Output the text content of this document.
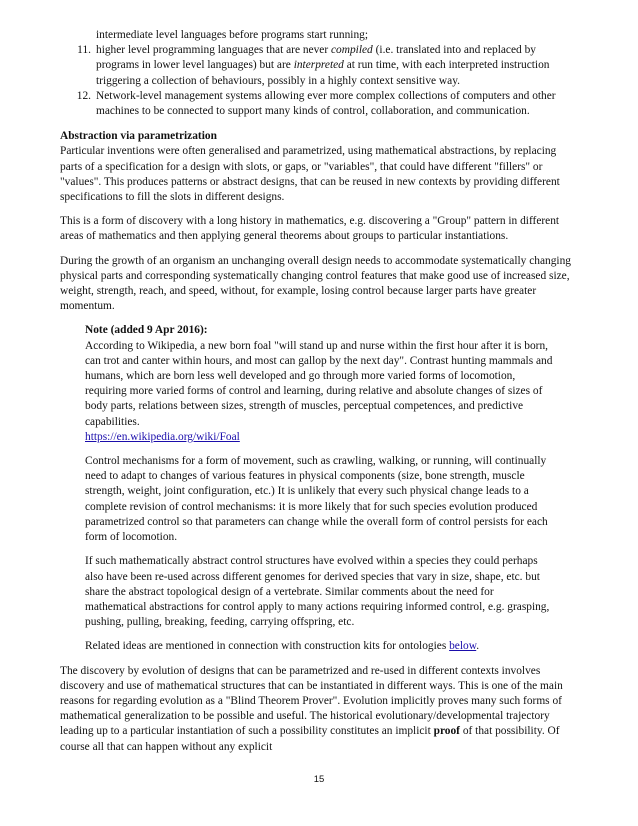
intermediate level languages before programs start running;
11. higher level programming languages that are never compiled (i.e. translated into and replaced by programs in lower level languages) but are interpreted at run time, with each interpreted instruction triggering a collection of behaviours, possibly in a highly context sensitive way.
12. Network-level management systems allowing ever more complex collections of computers and other machines to be connected to support many kinds of control, collaboration, and communication.
Abstraction via parametrization

Particular inventions were often generalised and parametrized, using mathematical abstractions, by replacing parts of a specification for a design with slots, or gaps, or "variables", that could have different "fillers" or "values". This produces patterns or abstract designs, that can be reused in new contexts by providing different specifications to fill the slots in different designs.

This is a form of discovery with a long history in mathematics, e.g. discovering a "Group" pattern in different areas of mathematics and then applying general theorems about groups to particular instantiations.

During the growth of an organism an unchanging overall design needs to accommodate systematically changing physical parts and corresponding systematically changing control features that make good use of increased size, weight, strength, reach, and speed, without, for example, losing control because larger parts have greater momentum.

Note (added 9 Apr 2016):
According to Wikipedia, a new born foal "will stand up and nurse within the first hour after it is born, can trot and canter within hours, and most can gallop by the next day". Contrast hunting mammals and humans, which are born less well developed and go through more varied forms of locomotion, requiring more varied forms of control and learning, during relative and absolute changes of sizes of body parts, relations between sizes, strength of muscles, perceptual competences, and predictive capabilities.

https://en.wikipedia.org/wiki/Foal

Control mechanisms for a form of movement, such as crawling, walking, or running, will continually need to adapt to changes of various features in physical components (size, bone strength, muscle strength, weight, joint configuration, etc.) It is unlikely that every such physical change leads to a complete revision of control mechanisms: it is more likely that for such species evolution produced parametrized control so that parameters can change while the overall form of control persists for each form of locomotion.

If such mathematically abstract control structures have evolved within a species they could perhaps also have been re-used across different genomes for derived species that vary in size, shape, etc. but share the abstract topological design of a vertebrate. Similar comments about the need for mathematical abstractions for control apply to many actions requiring informed control, e.g. grasping, pushing, pulling, breaking, feeding, carrying offspring, etc.

Related ideas are mentioned in connection with construction kits for ontologies below.

The discovery by evolution of designs that can be parametrized and re-used in different contexts involves discovery and use of mathematical structures that can be instantiated in different ways. This is one of the main reasons for regarding evolution as a "Blind Theorem Prover". Evolution implicitly proves many such forms of mathematical generalization to be possible and useful. The historical evolutionary/developmental trajectory leading up to a particular instantiation of such a possibility constitutes an implicit proof of that possibility. Of course all that can happen without any explicit

15
